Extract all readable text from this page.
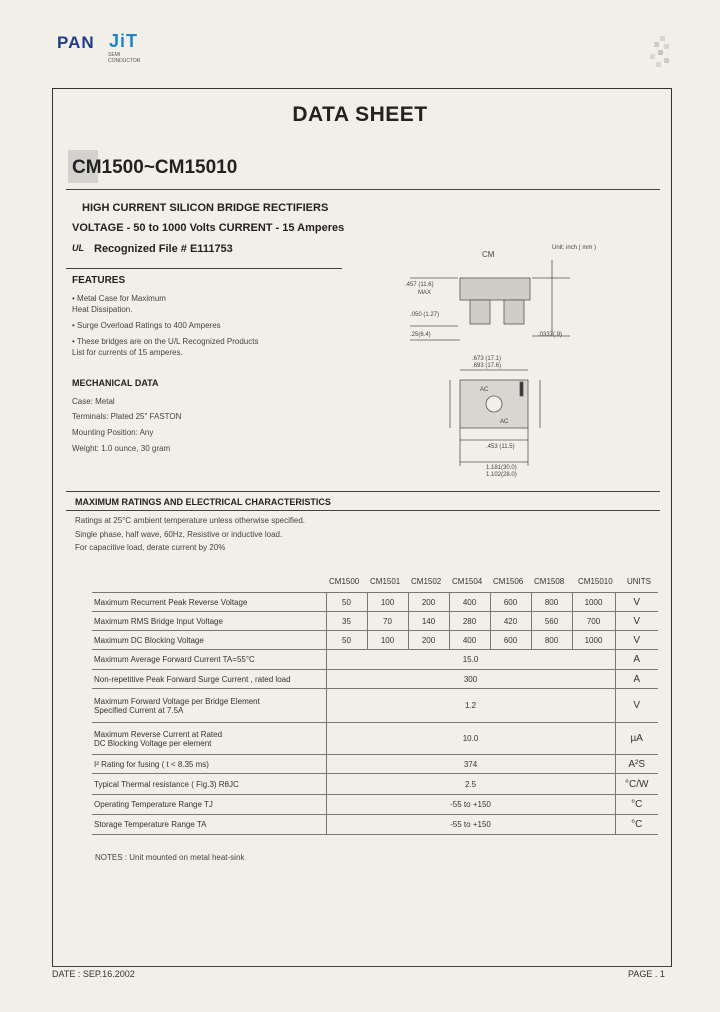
PAN JiT
SEMI
CONDUCTOR
DATA SHEET
CM1500~CM15010
HIGH CURRENT SILICON BRIDGE RECTIFIERS
VOLTAGE - 50 to 1000 Volts CURRENT - 15 Amperes
UL Recognized File # E111753
FEATURES
• Metal Case for Maximum
Heat Dissipation.
• Surge Overload Ratings to 400 Amperes
• These bridges are on the U/L Recognized Products
List for currents of 15 amperes.
MECHANICAL DATA
Case: Metal
Terminals: Plated 25" FASTON
Mounting Position: Any
Weight: 1.0 ounce, 30 gram
CM
Unit: inch ( mm )
.457 (11.6)
MAX
.050 (1.27)
.25(6.4)	.0337(.9)
.673 (17.1)
.693 (17.6)
AC
AC
.453 (11.5)
1.181(30.0)
1.102(28.0)
MAXIMUM RATINGS AND ELECTRICAL CHARACTERISTICS
Ratings at 25°C ambient temperature unless otherwise specified.
Single phase, half wave, 60Hz, Resistive or inductive load.
For capacitive load, derate current by 20%
CM1500 CM1501 CM1502 CM1504 CM1506 CM1508 CM15010 UNITS
Maximum Recurrent Peak Reverse Voltage	50	100	200	400	600	800	1000	V
Maximum RMS Bridge Input Voltage	35	70	140	280	420	560	700	V
Maximum DC Blocking Voltage	50	100	200	400	600	800	1000	V
Maximum Average Forward Current TA=55°C	15.0							A
Non-repetitive Peak Forward Surge Current , rated load	300							A

Maximum Forward Voltage per Bridge Element
Specified Current at 7.5A	1.2							V

Maximum Reverse Current at Rated
DC Blocking Voltage per element	10.0							µA
I² Rating for fusing ( t < 8.35 ms)	374							A²S
Typical Thermal resistance ( Fig.3) RθJC	2.5							°C/W
Operating Temperature Range TJ	-55 to +150							°C
Storage Temperature Range TA	-55 to +150							°C
NOTES : Unit mounted on metal heat-sink
DATE : SEP.16.2002	PAGE . 1
